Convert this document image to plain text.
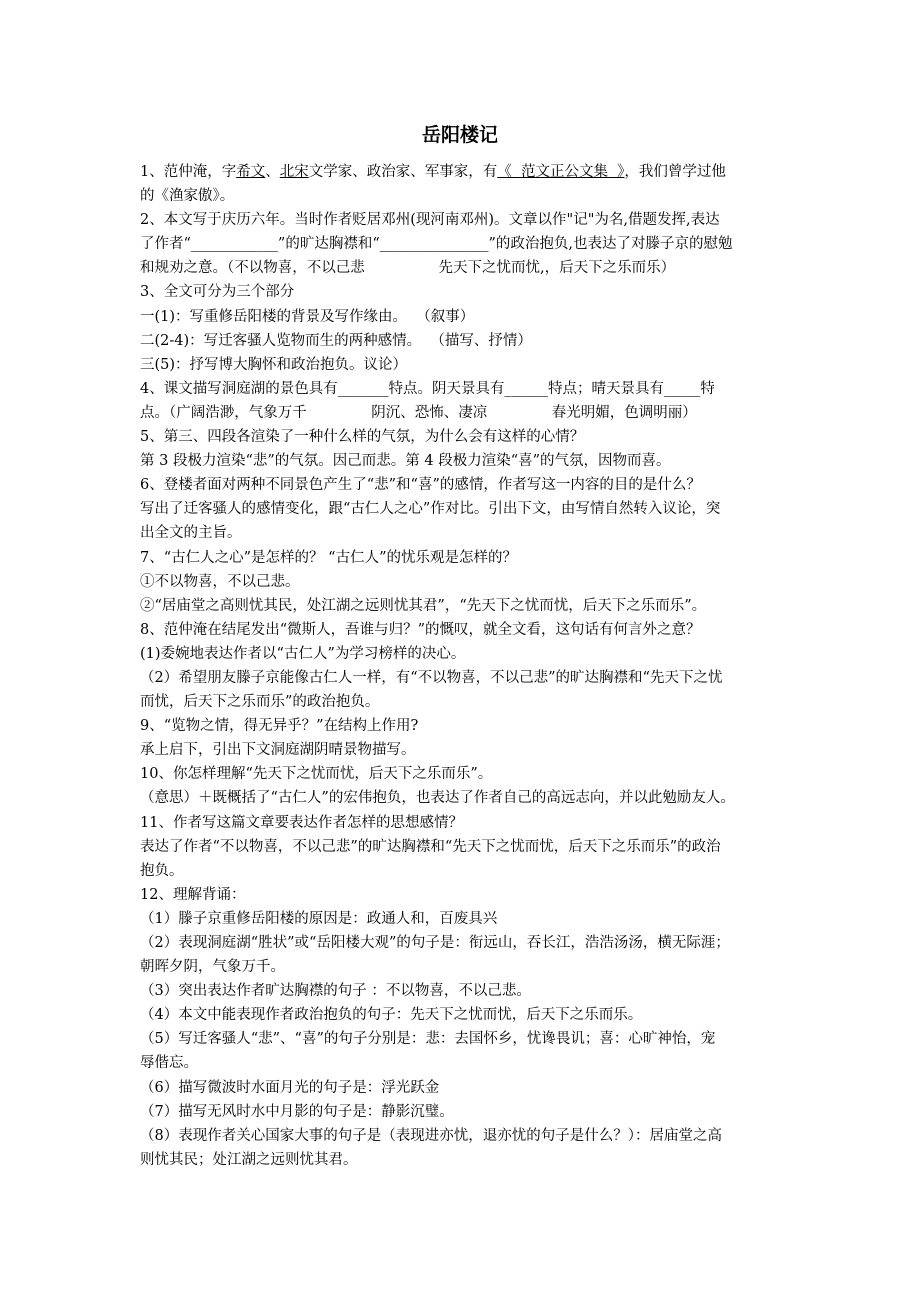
岳阳楼记
1、范仲淹，字希文、北宋文学家、政治家、军事家，有《  范文正公文集  》，我们曾学过他
的《渔家傲》。
2、本文写于庆历六年。当时作者贬居邓州(现河南邓州)。文章以作"记"为名,借题发挥,表达
了作者“____________”的旷达胸襟和“_______________”的政治抱负,也表达了对滕子京的慰勉
和规劝之意。（不以物喜，不以己悲                先天下之忧而忧,，后天下之乐而乐）
3、全文可分为三个部分
一(1)：写重修岳阳楼的背景及写作缘由。  （叙事）
二(2-4)：写迁客骚人览物而生的两种感情。  （描写、抒情）
三(5)：抒写博大胸怀和政治抱负。议论）
4、课文描写洞庭湖的景色具有_______特点。阴天景具有______特点；晴天景具有_____特
点。（广阔浩渺，气象万千              阴沉、恐怖、凄凉              春光明媚，色调明丽）
5、第三、四段各渲染了一种什么样的气氛，为什么会有这样的心情？
第 3 段极力渲染“悲”的气氛。因己而悲。第 4 段极力渲染“喜”的气氛，因物而喜。
6、登楼者面对两种不同景色产生了“悲”和“喜”的感情，作者写这一内容的目的是什么？
写出了迁客骚人的感情变化，跟“古仁人之心”作对比。引出下文，由写情自然转入议论，突
出全文的主旨。
7、“古仁人之心”是怎样的？ “古仁人”的忧乐观是怎样的？
①不以物喜，不以己悲。
②“居庙堂之高则忧其民，处江湖之远则忧其君”，“先天下之忧而忧，后天下之乐而乐”。
8、范仲淹在结尾发出“微斯人，吾谁与归？”的慨叹，就全文看，这句话有何言外之意？
(1)委婉地表达作者以“古仁人”为学习榜样的决心。
（2）希望朋友滕子京能像古仁人一样，有“不以物喜，不以己悲”的旷达胸襟和“先天下之忧
而忧，后天下之乐而乐”的政治抱负。
9、“览物之情，得无异乎？”在结构上作用?
承上启下，引出下文洞庭湖阴晴景物描写。
10、你怎样理解“先天下之忧而忧，后天下之乐而乐”。
（意思）＋既概括了“古仁人”的宏伟抱负，也表达了作者自己的高远志向，并以此勉励友人。
11、作者写这篇文章要表达作者怎样的思想感情？
表达了作者“不以物喜，不以己悲”的旷达胸襟和“先天下之忧而忧，后天下之乐而乐”的政治
抱负。
12、理解背诵：
（1）滕子京重修岳阳楼的原因是：政通人和，百废具兴
（2）表现洞庭湖“胜状”或“岳阳楼大观”的句子是：衔远山，吞长江，浩浩汤汤，横无际涯；
朝晖夕阴，气象万千。
（3）突出表达作者旷达胸襟的句子 ：不以物喜，不以己悲。
（4）本文中能表现作者政治抱负的句子：先天下之忧而忧，后天下之乐而乐。
（5）写迁客骚人“悲”、“喜”的句子分别是：悲：去国怀乡，忧谗畏讥；喜：心旷神怡，宠
辱偕忘。
（6）描写微波时水面月光的句子是：浮光跃金
（7）描写无风时水中月影的句子是：静影沉璧。
（8）表现作者关心国家大事的句子是（表现进亦忧，退亦忧的句子是什么？）：居庙堂之高
则忧其民；处江湖之远则忧其君。
